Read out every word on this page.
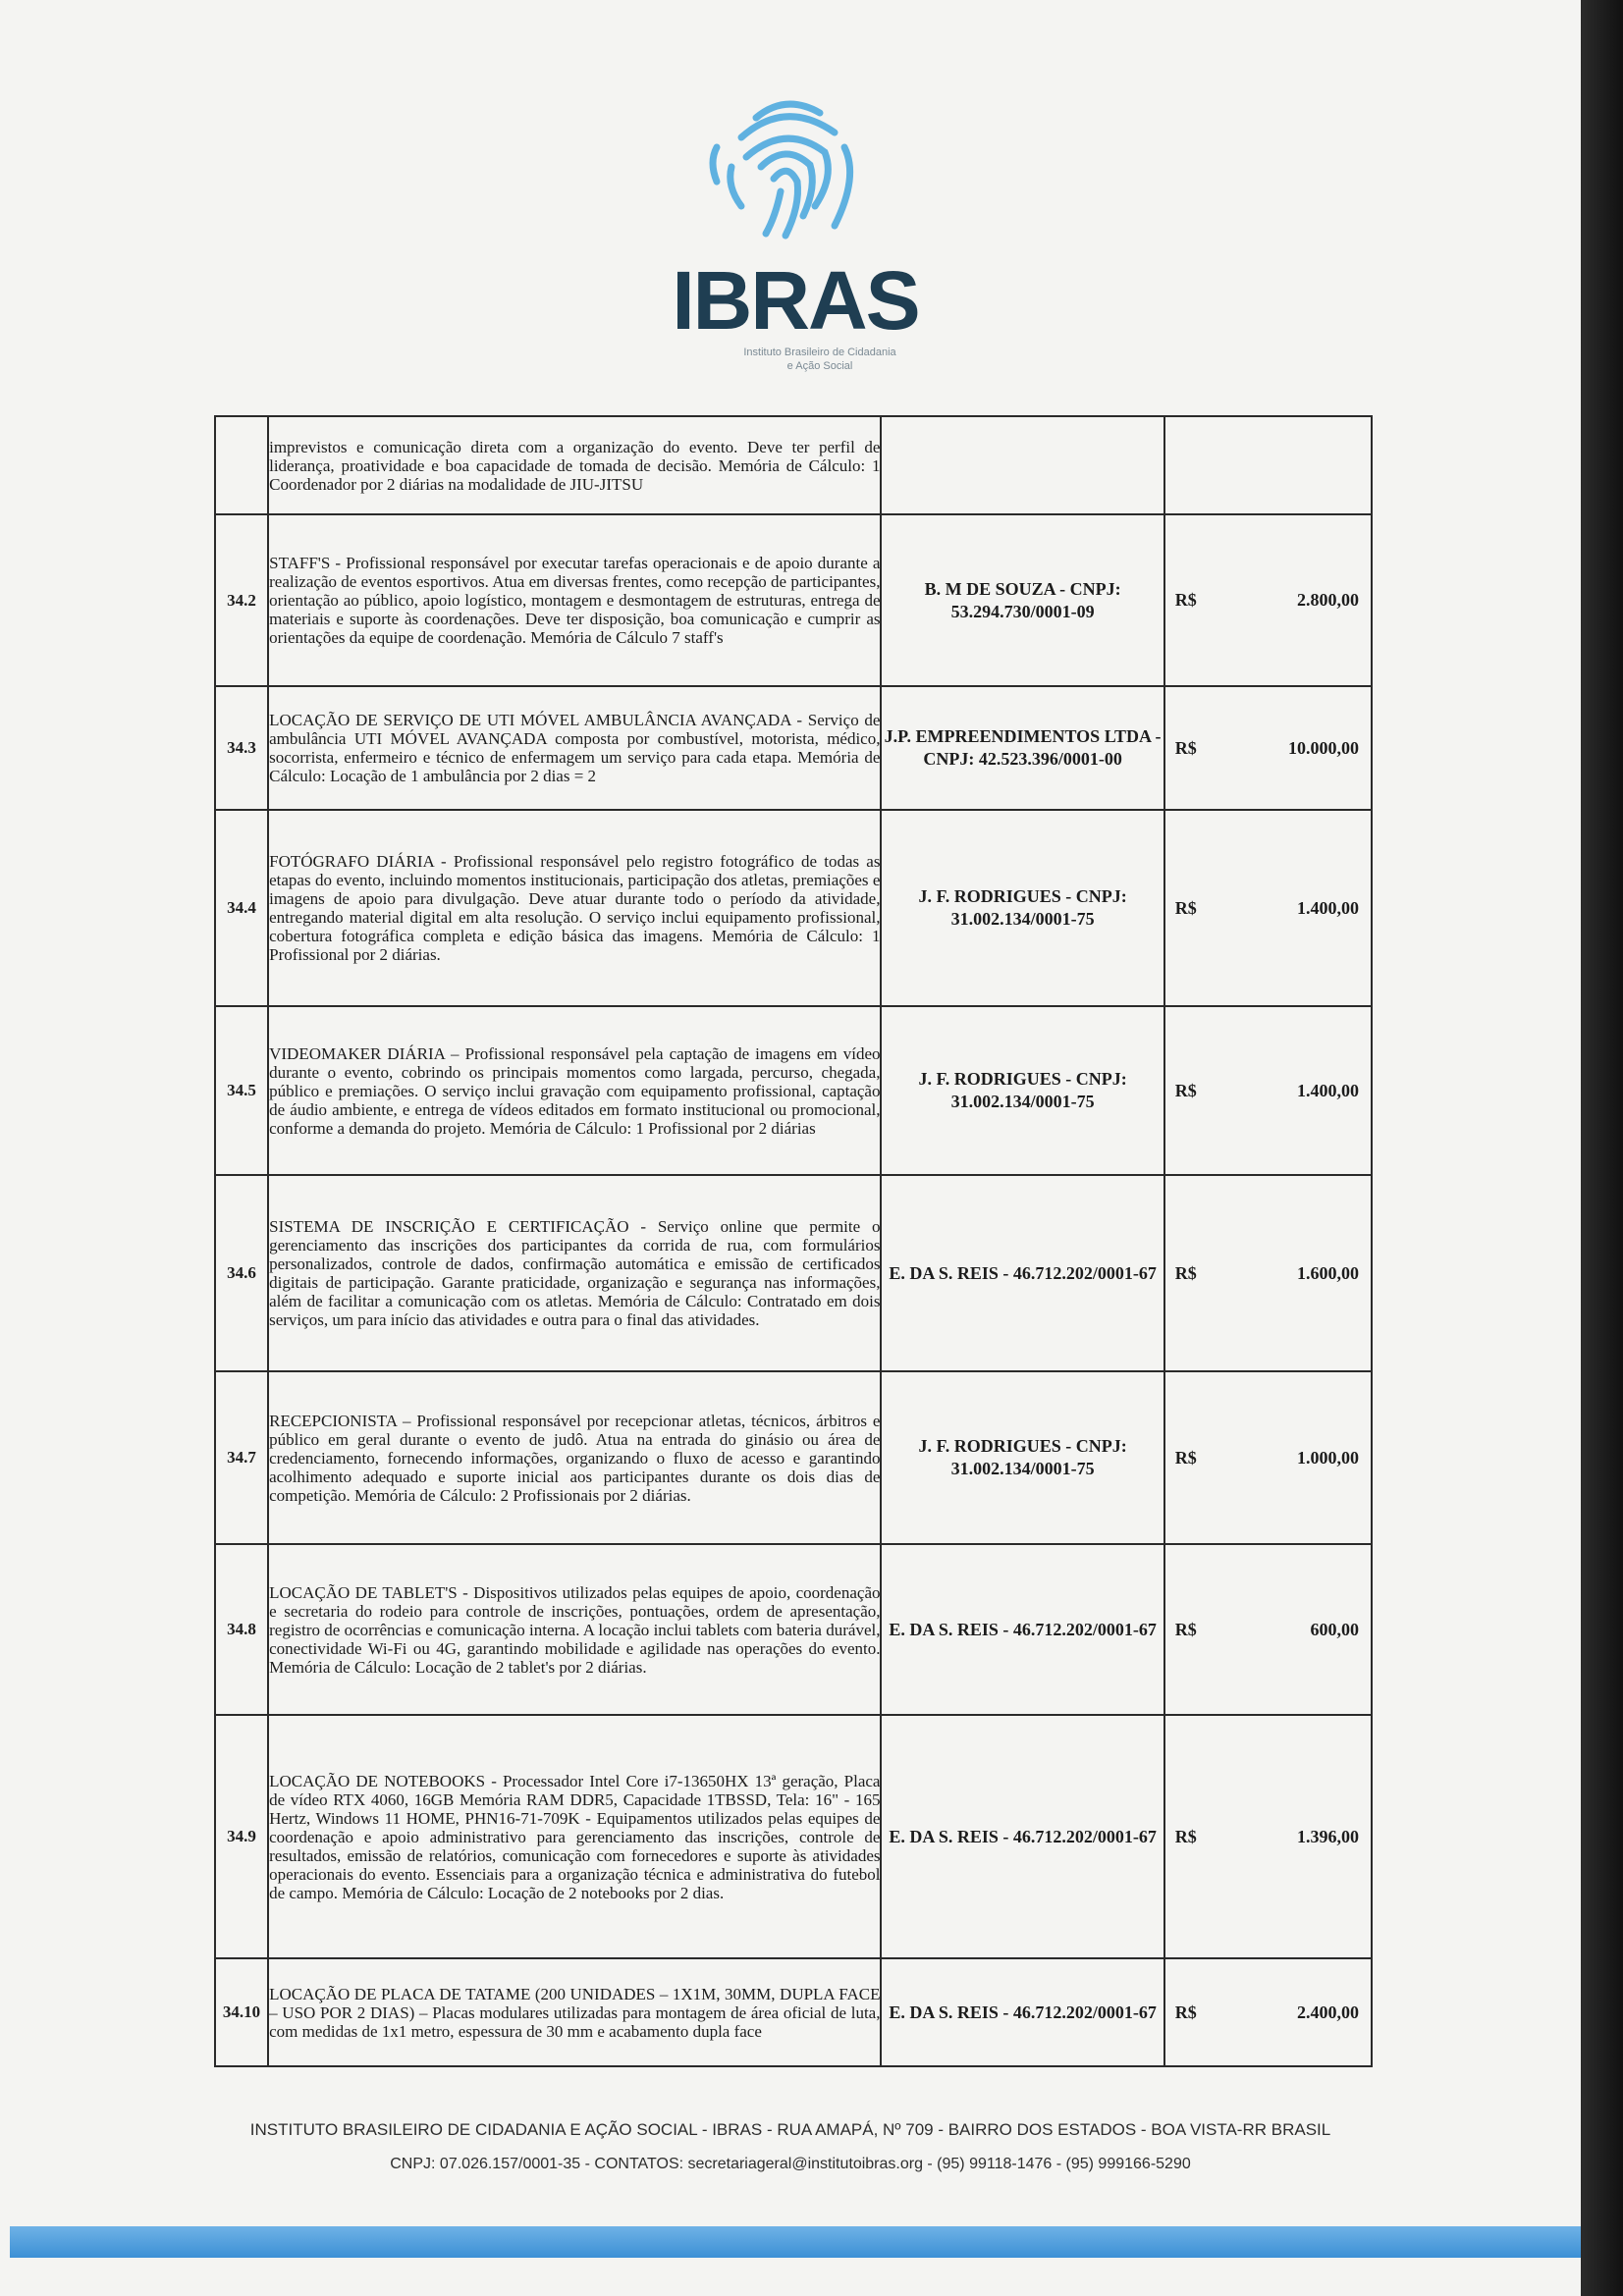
IBRAS
Instituto Brasileiro de Cidadania
e Ação Social
	imprevistos e comunicação direta com a organização do evento. Deve ter perfil de liderança, proatividade e boa capacidade de tomada de decisão. Memória de Cálculo: 1 Coordenador por 2 diárias na modalidade de JIU-JITSU		

34.2	STAFF'S - Profissional responsável por executar tarefas operacionais e de apoio durante a realização de eventos esportivos. Atua em diversas frentes, como recepção de participantes, orientação ao público, apoio logístico, montagem e desmontagem de estruturas, entrega de materiais e suporte às coordenações. Deve ter disposição, boa comunicação e cumprir as orientações da equipe de coordenação. Memória de Cálculo 7 staff's	B. M DE SOUZA - CNPJ: 53.294.730/0001-09	R$ 2.800,00

34.3	LOCAÇÃO DE SERVIÇO DE UTI MÓVEL AMBULÂNCIA AVANÇADA - Serviço de ambulância UTI MÓVEL AVANÇADA composta por combustível, motorista, médico, socorrista, enfermeiro e técnico de enfermagem um serviço para cada etapa. Memória de Cálculo: Locação de 1 ambulância por 2 dias = 2	J.P. EMPREENDIMENTOS LTDA - CNPJ: 42.523.396/0001-00	R$ 10.000,00

34.4	FOTÓGRAFO DIÁRIA - Profissional responsável pelo registro fotográfico de todas as etapas do evento, incluindo momentos institucionais, participação dos atletas, premiações e imagens de apoio para divulgação. Deve atuar durante todo o período da atividade, entregando material digital em alta resolução. O serviço inclui equipamento profissional, cobertura fotográfica completa e edição básica das imagens. Memória de Cálculo: 1 Profissional por 2 diárias.	J. F. RODRIGUES - CNPJ: 31.002.134/0001-75	R$ 1.400,00

34.5	VIDEOMAKER DIÁRIA – Profissional responsável pela captação de imagens em vídeo durante o evento, cobrindo os principais momentos como largada, percurso, chegada, público e premiações. O serviço inclui gravação com equipamento profissional, captação de áudio ambiente, e entrega de vídeos editados em formato institucional ou promocional, conforme a demanda do projeto. Memória de Cálculo: 1 Profissional por 2 diárias	J. F. RODRIGUES - CNPJ: 31.002.134/0001-75	R$ 1.400,00

34.6	SISTEMA DE INSCRIÇÃO E CERTIFICAÇÃO - Serviço online que permite o gerenciamento das inscrições dos participantes da corrida de rua, com formulários personalizados, controle de dados, confirmação automática e emissão de certificados digitais de participação. Garante praticidade, organização e segurança nas informações, além de facilitar a comunicação com os atletas. Memória de Cálculo: Contratado em dois serviços, um para início das atividades e outra para o final das atividades.	E. DA S. REIS - 46.712.202/0001-67	R$ 1.600,00

34.7	RECEPCIONISTA – Profissional responsável por recepcionar atletas, técnicos, árbitros e público em geral durante o evento de judô. Atua na entrada do ginásio ou área de credenciamento, fornecendo informações, organizando o fluxo de acesso e garantindo acolhimento adequado e suporte inicial aos participantes durante os dois dias de competição. Memória de Cálculo: 2 Profissionais por 2 diárias.	J. F. RODRIGUES - CNPJ: 31.002.134/0001-75	R$ 1.000,00

34.8	LOCAÇÃO DE TABLET'S - Dispositivos utilizados pelas equipes de apoio, coordenação e secretaria do rodeio para controle de inscrições, pontuações, ordem de apresentação, registro de ocorrências e comunicação interna. A locação inclui tablets com bateria durável, conectividade Wi-Fi ou 4G, garantindo mobilidade e agilidade nas operações do evento. Memória de Cálculo: Locação de 2 tablet's por 2 diárias.	E. DA S. REIS - 46.712.202/0001-67	R$ 600,00

34.9	LOCAÇÃO DE NOTEBOOKS - Processador Intel Core i7-13650HX 13ª geração, Placa de vídeo RTX 4060, 16GB Memória RAM DDR5, Capacidade 1TBSSD, Tela: 16" - 165 Hertz, Windows 11 HOME, PHN16-71-709K - Equipamentos utilizados pelas equipes de coordenação e apoio administrativo para gerenciamento das inscrições, controle de resultados, emissão de relatórios, comunicação com fornecedores e suporte às atividades operacionais do evento. Essenciais para a organização técnica e administrativa do futebol de campo. Memória de Cálculo: Locação de 2 notebooks por 2 dias.	E. DA S. REIS - 46.712.202/0001-67	R$ 1.396,00

34.10	LOCAÇÃO DE PLACA DE TATAME (200 UNIDADES – 1X1M, 30MM, DUPLA FACE – USO POR 2 DIAS) – Placas modulares utilizadas para montagem de área oficial de luta, com medidas de 1x1 metro, espessura de 30 mm e acabamento dupla face	E. DA S. REIS - 46.712.202/0001-67	R$ 2.400,00
INSTITUTO BRASILEIRO DE CIDADANIA E AÇÃO SOCIAL - IBRAS - RUA AMAPÁ, Nº 709 - BAIRRO DOS ESTADOS - BOA VISTA-RR BRASIL
CNPJ: 07.026.157/0001-35 - CONTATOS: secretariageral@institutoibras.org - (95) 99118-1476 - (95) 999166-5290
